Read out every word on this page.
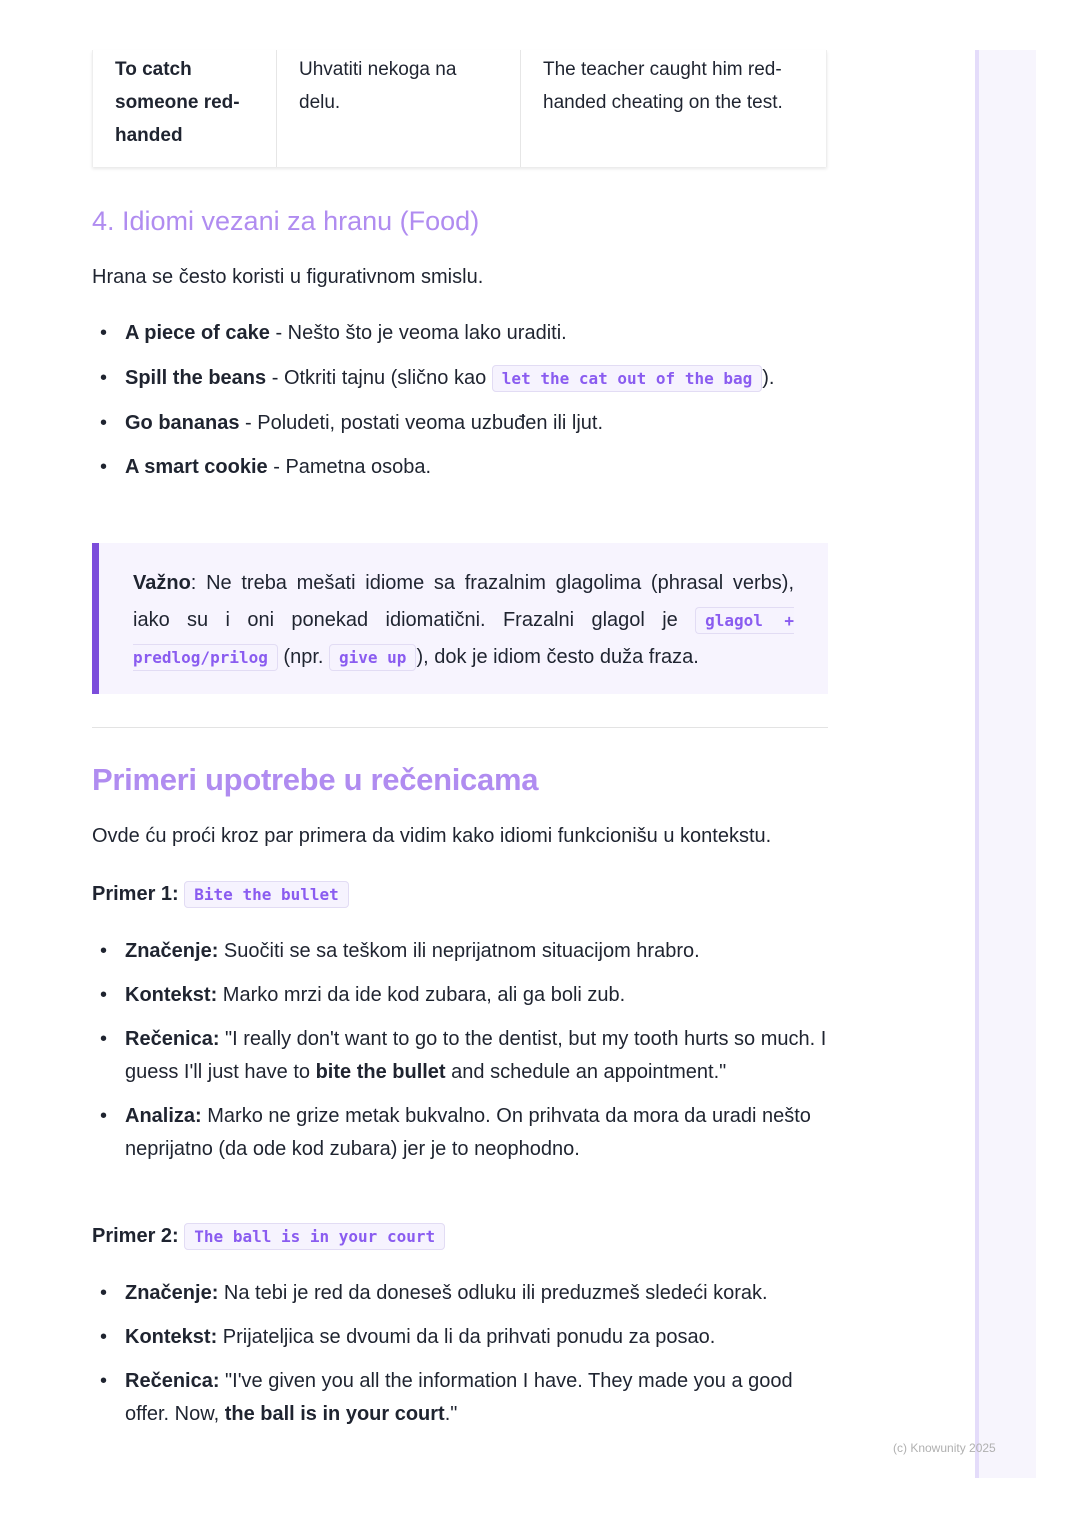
To catch someone red-handed
Uhvatiti nekoga na delu.
The teacher caught him red-handed cheating on the test.
4. Idiomi vezani za hranu (Food)

Hrana se često koristi u figurativnom smislu.

• A piece of cake - Nešto što je veoma lako uraditi.
• Spill the beans - Otkriti tajnu (slično kao let the cat out of the bag ).
• Go bananas - Poludeti, postati veoma uzbuđen ili ljut.
• A smart cookie - Pametna osoba.
Važno: Ne treba mešati idiome sa frazalnim glagolima (phrasal verbs), iako su i oni ponekad idiomatični. Frazalni glagol je glagol + predlog/prilog (npr. give up ), dok je idiom često duža fraza.
Primeri upotrebe u rečenicama

Ovde ću proći kroz par primera da vidim kako idiomi funkcionišu u kontekstu.

Primer 1: Bite the bullet
• Značenje: Suočiti se sa teškom ili neprijatnom situacijom hrabro.
• Kontekst: Marko mrzi da ide kod zubara, ali ga boli zub.
• Rečenica: "I really don't want to go to the dentist, but my tooth hurts so much. I guess I'll just have to bite the bullet and schedule an appointment."
• Analiza: Marko ne grize metak bukvalno. On prihvata da mora da uradi nešto neprijatno (da ode kod zubara) jer je to neophodno.
Primer 2: The ball is in your court
• Značenje: Na tebi je red da doneseš odluku ili preduzmeš sledeći korak.
• Kontekst: Prijateljica se dvoumi da li da prihvati ponudu za posao.
• Rečenica: "I've given you all the information I have. They made you a good offer. Now, the ball is in your court."
(c) Knowunity 2025
